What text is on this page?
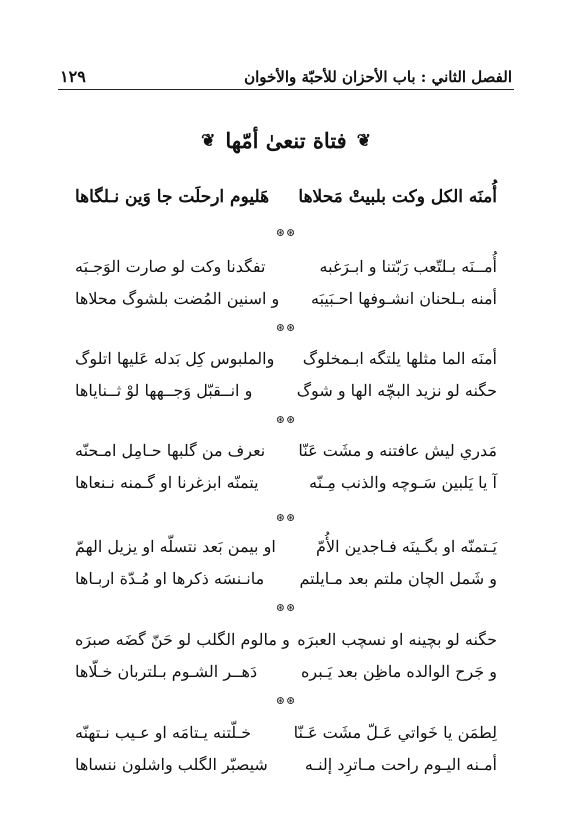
الفصل الثاني : باب الأحزان للأحبّة والأخوان
١٢٩
❦
فتاة تنعىٰ أمّها
❦
أُمنَه الكل وكت بلبيتْ مَحلاها
هَليوم ارحلَت جا وَين نـلگاها
⊛⊛
أُمــنَه بـلتّعب رَبّتنا و ابـرَغبه
تفگدنا وكت لو صارت الوَجـبَه
أمنه بـلحنان انشـوفها احـبَيبَه
و اسنين المُضت بلشوگ محلاها
⊛⊛
أمنَه الما مثلها يلتگه ابـمخلوگ
والملبوس كِل بَدله عَليها اتلوگ
حگنه لو نزيد البچّه الها و شوگ
و انــقبّل وَجــهها لوْ ثــناياها
⊛⊛
مَدري ليش عافتنه و مشَت عَنّا
نعرف من گلبها حـامِل امـحنّه
آ يا يَلبين سَـوچه والذنب مِـنّه
يتمنّه ابزغرنا او گـمنه نـنعاها
⊛⊛
يَـتمنّه او بگـينَه فـاجدين الأُمّ
او بيمن بَعد نتسلّه او يزيل الهمّ
و شَمل الچان ملتم بعد مـايلتم
مانـنسَه ذكرها او مُـدّة اربـاها
⊛⊛
حگنه لو بچينه او نسچب العبرَه
و مالوم الگلب لو حَنّ گضَه صبرَه
و جَرح الوالده ماظِن بعد يَـبره
دَهــر الشـوم بـلتربان خـلّاها
⊛⊛
لِطمَن يا خَواتي عَـلّ مشَت عَـنّا
خـلّتنه يـتامَه او عـيب نـتهنّه
أمـنه اليـوم راحت مـاترِد إلنـه
شيصبّر الگلب واشلون ننساها
